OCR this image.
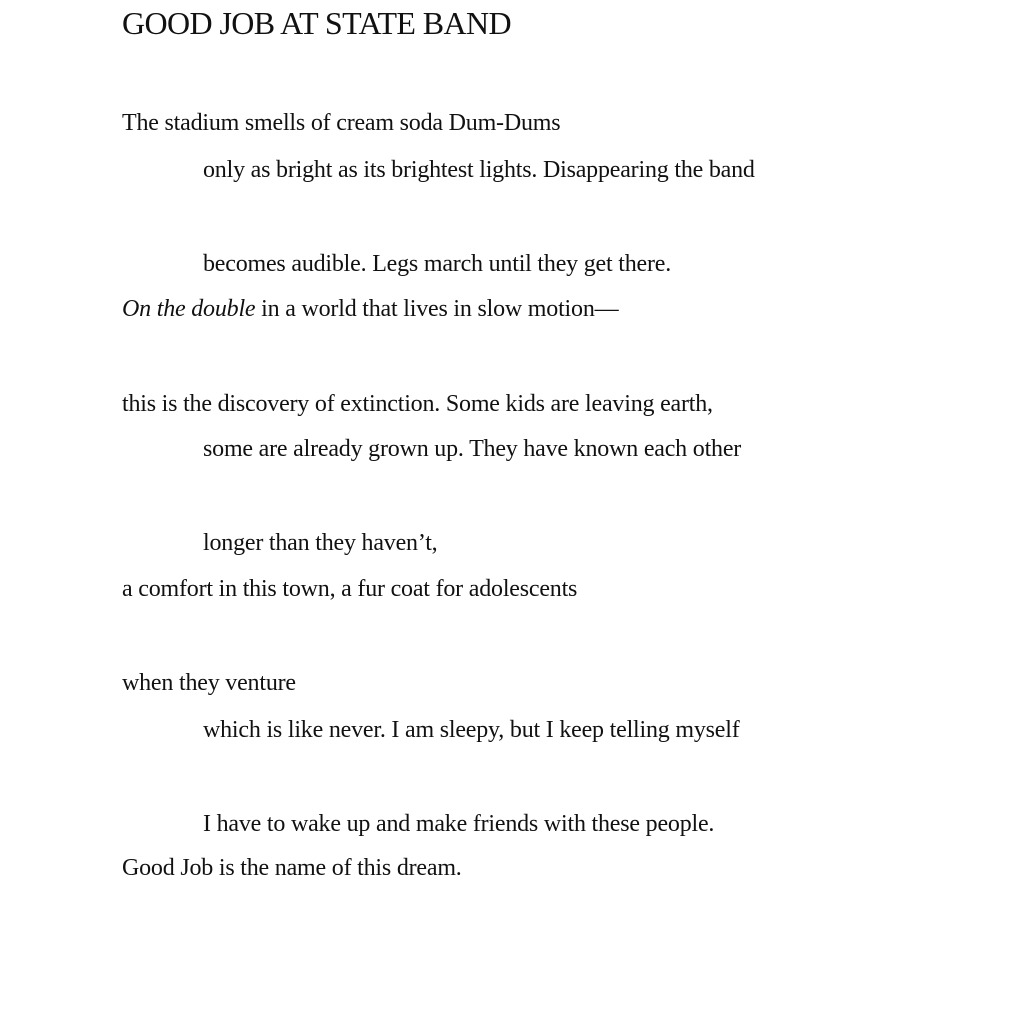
GOOD JOB AT STATE BAND

The stadium smells of cream soda Dum-Dums

only as bright as its brightest lights. Disappearing the band

becomes audible. Legs march until they get there.

On the double in a world that lives in slow motion—

this is the discovery of extinction. Some kids are leaving earth,

some are already grown up. They have known each other

longer than they haven’t,

a comfort in this town, a fur coat for adolescents

when they venture

which is like never. I am sleepy, but I keep telling myself

I have to wake up and make friends with these people.

Good Job is the name of this dream.
